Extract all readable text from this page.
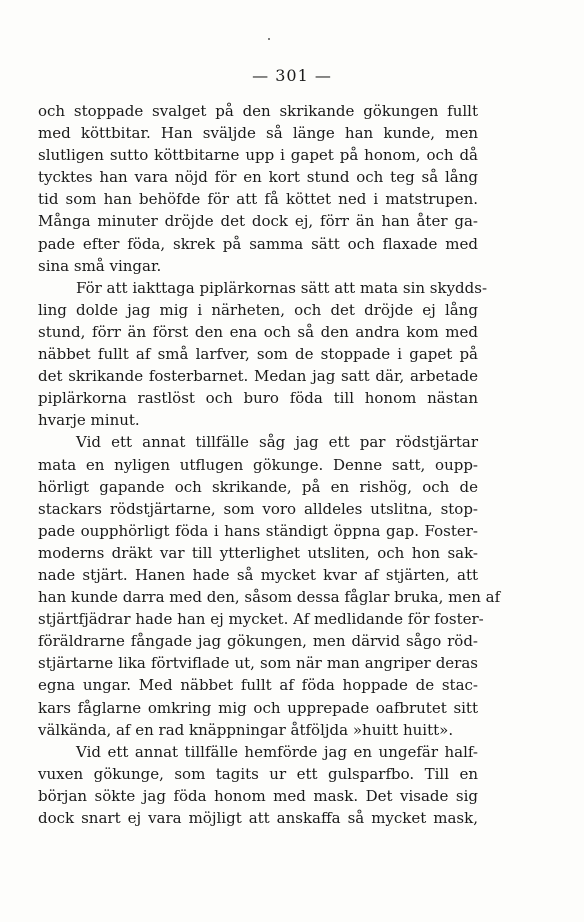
— 301 —
och stoppade svalget på den skrikande gökungen fullt
med köttbitar. Han sväljde så länge han kunde, men
slutligen sutto köttbitarne upp i gapet på honom, och då
tycktes han vara nöjd för en kort stund och teg så lång
tid som han behöfde för att få köttet ned i matstrupen.
Många minuter dröjde det dock ej, förr än han åter ga-
pade efter föda, skrek på samma sätt och flaxade med
sina små vingar.
För att iakttaga piplärkornas sätt att mata sin skydds-
ling dolde jag mig i närheten, och det dröjde ej lång
stund, förr än först den ena och så den andra kom med
näbbet fullt af små larfver, som de stoppade i gapet på
det skrikande fosterbarnet. Medan jag satt där, arbetade
piplärkorna rastlöst och buro föda till honom nästan
hvarje minut.
Vid ett annat tillfälle såg jag ett par rödstjärtar
mata en nyligen utflugen gökunge. Denne satt, oupp-
hörligt gapande och skrikande, på en rishög, och de
stackars rödstjärtarne, som voro alldeles utslitna, stop-
pade oupphörligt föda i hans ständigt öppna gap. Foster-
moderns dräkt var till ytterlighet utsliten, och hon sak-
nade stjärt. Hanen hade så mycket kvar af stjärten, att
han kunde darra med den, såsom dessa fåglar bruka, men af
stjärtfjädrar hade han ej mycket. Af medlidande för foster-
föräldrarne fångade jag gökungen, men därvid sågo röd-
stjärtarne lika förtviflade ut, som när man angriper deras
egna ungar. Med näbbet fullt af föda hoppade de stac-
kars fåglarne omkring mig och upprepade oafbrutet sitt
välkända, af en rad knäppningar åtföljda »huitt huitt».
Vid ett annat tillfälle hemförde jag en ungefär half-
vuxen gökunge, som tagits ur ett gulsparfbo. Till en
början sökte jag föda honom med mask. Det visade sig
dock snart ej vara möjligt att anskaffa så mycket mask,
